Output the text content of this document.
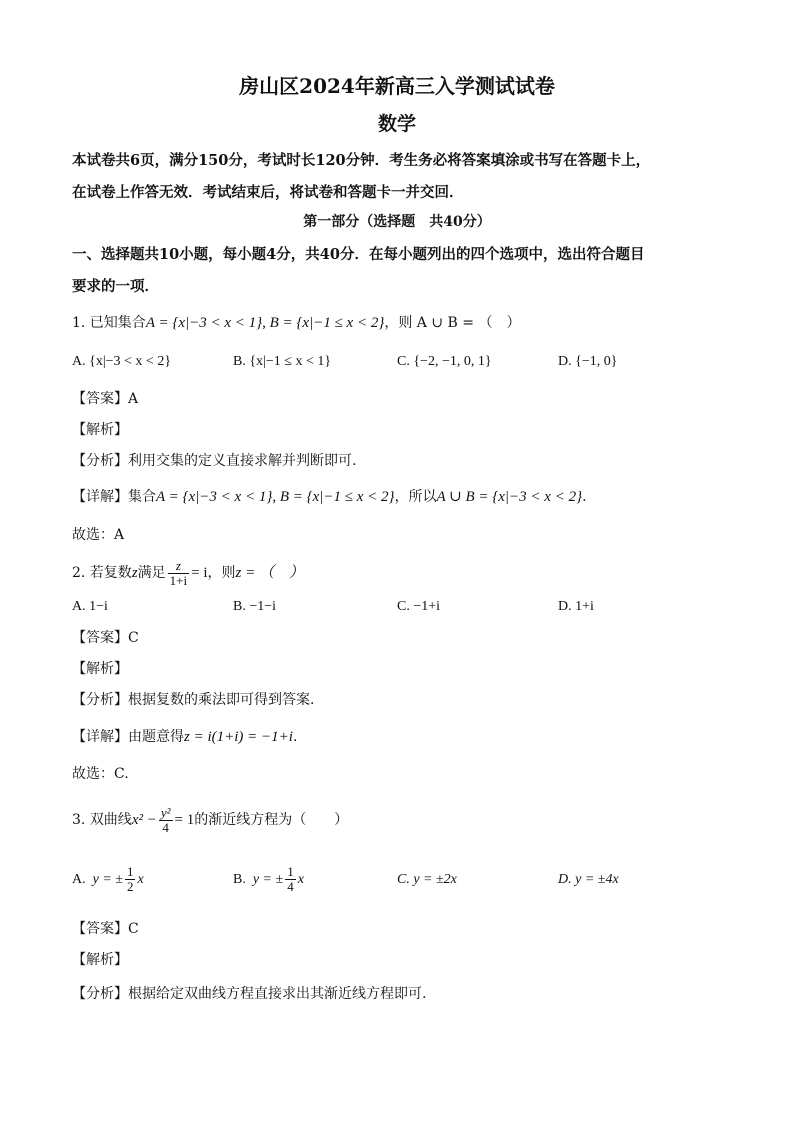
房山区2024年新高三入学测试试卷
数学
本试卷共6页，满分150分，考试时长120分钟．考生务必将答案填涂或书写在答题卡上，
在试卷上作答无效．考试结束后，将试卷和答题卡一并交回．
第一部分（选择题　共40分）
一、选择题共10小题，每小题4分，共40分．在每小题列出的四个选项中，选出符合题目
要求的一项．
1. 已知集合A = {x|−3 < x < 1}, B = {x|−1 ≤ x < 2}，则 A ∪ B = （　）
A. {x|−3 < x < 2}	B. {x|−1 ≤ x < 1}	C. {−2, −1, 0, 1}	D. {−1, 0}
【答案】A
【解析】
【分析】利用交集的定义直接求解并判断即可.
【详解】集合A = {x|−3 < x < 1}, B = {x|−1 ≤ x < 2}，所以A ∪ B = {x|−3 < x < 2}.
故选：A
2. 若复数z满足 $\frac{z}{1+i} = i$，则z = （　）
A. 1−i	B. −1−i	C. −1+i	D. 1+i
【答案】C
【解析】
【分析】根据复数的乘法即可得到答案.
【详解】由题意得z = i(1+i) = −1+i.
故选：C.
3. 双曲线$x^2 - \frac{\text{y²}}{4} = 1$的渐近线方程为（　　）
A. y = ± $\frac{1}{2}$ x	B. y = ± $\frac{1}{4}$ x	C. y = ±2x	D. y = ±4x
【答案】C
【解析】
【分析】根据给定双曲线方程直接求出其渐近线方程即可.
